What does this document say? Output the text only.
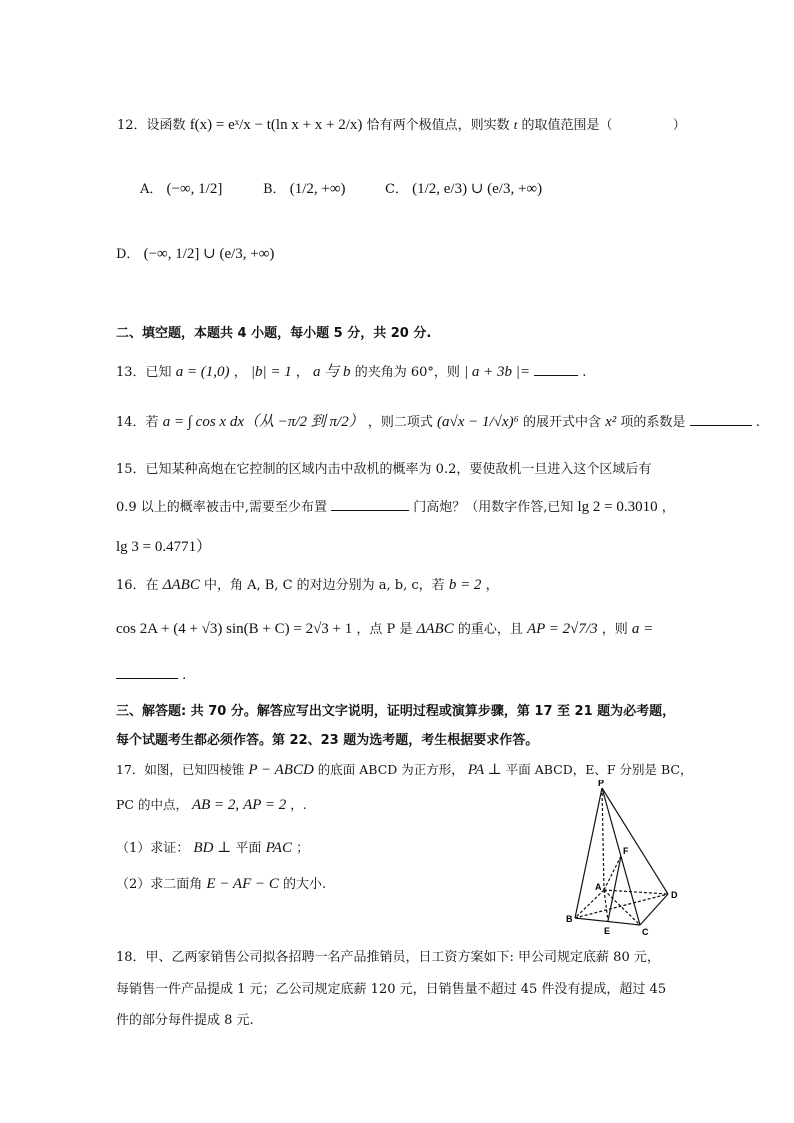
12．设函数 f(x) = eˣ/x − t(ln x + x + 2/x) 恰有两个极值点，则实数 t 的取值范围是（	）
A． (−∞, 1/2]	B． (1/2, +∞)	C． (1/2, e/3) ∪ (e/3, +∞)
D． (−∞, 1/2] ∪ (e/3, +∞)
二、填空题，本题共 4 小题，每小题 5 分，共 20 分.
13．已知 a = (1,0) ， |b| = 1 ， a 与 b 的夹角为 60°，则 | a + 3b |=	.
14．若 a = ∫ cos x dx（从 −π/2 到 π/2） ，则二项式 (a√x − 1/√x)⁶ 的展开式中含 x² 项的系数是	.
15．已知某种高炮在它控制的区域内击中敌机的概率为 0.2，要使敌机一旦进入这个区域后有
0.9 以上的概率被击中,需要至少布置	门高炮？（用数字作答,已知 lg 2 = 0.3010 ，
lg 3 = 0.4771）
16．在 ΔABC 中，角 A, B, C 的对边分别为 a, b, c，若 b = 2 ，
cos 2A + (4 + √3) sin(B + C) = 2√3 + 1 ，点 P 是 ΔABC 的重心，且 AP = 2√7/3 ，则 a =
.
三、解答题: 共 70 分。解答应写出文字说明，证明过程或演算步骤，第 17 至 21 题为必考题，
每个试题考生都必须作答。第 22、23 题为选考题，考生根据要求作答。
17．如图，已知四棱锥 P − ABCD 的底面 ABCD 为正方形， PA ⊥ 平面 ABCD，E、F 分别是 BC，
PC 的中点， AB = 2, AP = 2 ，.
（1）求证： BD ⊥ 平面 PAC ；
（2）求二面角 E − AF − C 的大小.
P
F
A
D
B
E	C
18．甲、乙两家销售公司拟各招聘一名产品推销员，日工资方案如下: 甲公司规定底薪 80 元，
每销售一件产品提成 1 元；乙公司规定底薪 120 元，日销售量不超过 45 件没有提成，超过 45
件的部分每件提成 8 元.
